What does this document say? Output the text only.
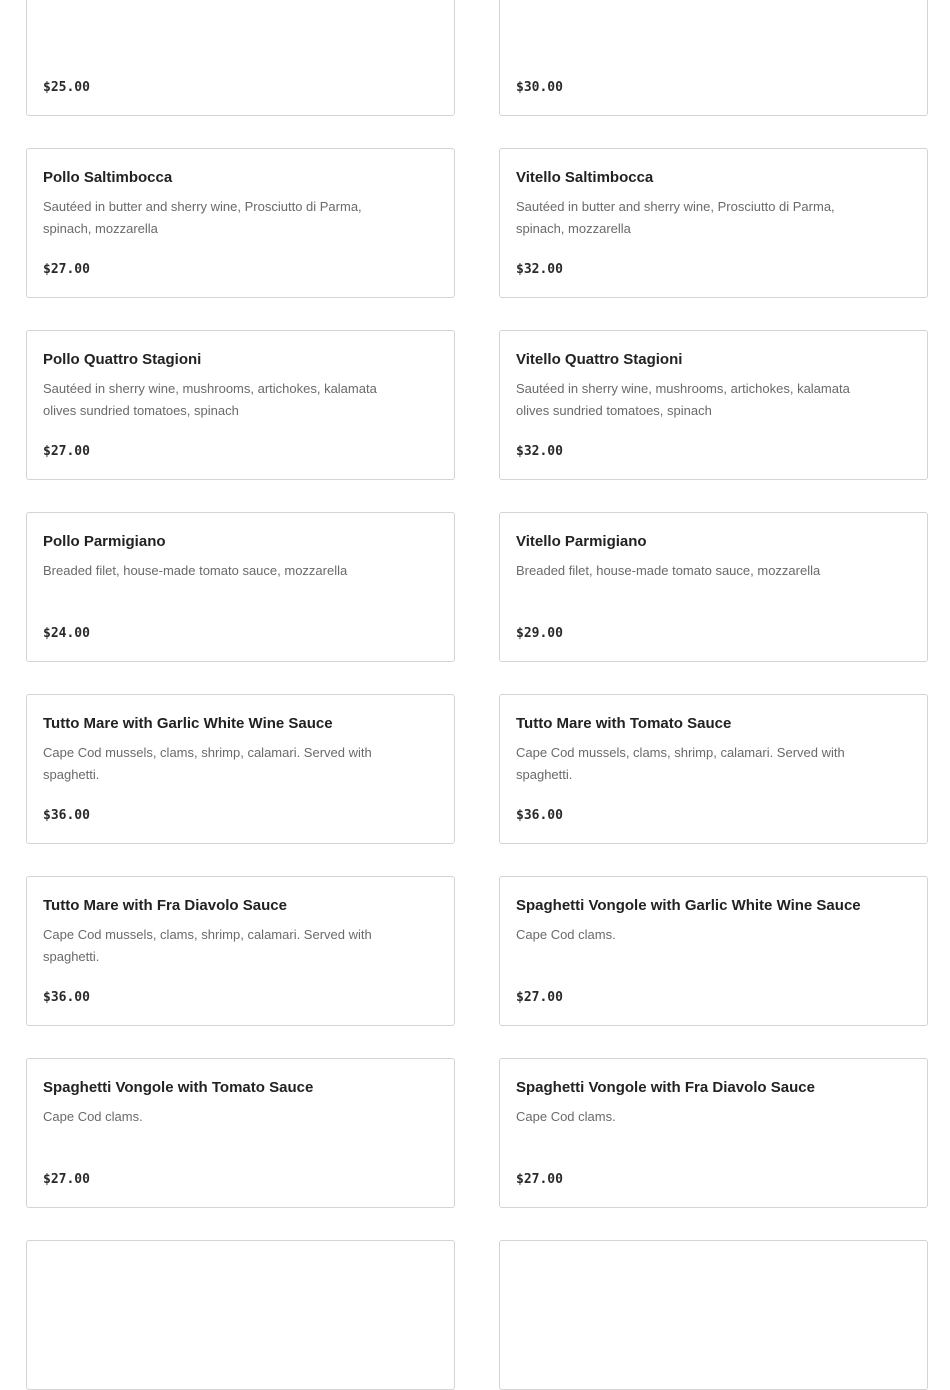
$25.00	$30.00
Pollo Saltimbocca
Sautéed in butter and sherry wine, Prosciutto di Parma, spinach, mozzarella
$27.00
Vitello Saltimbocca
Sautéed in butter and sherry wine, Prosciutto di Parma, spinach, mozzarella
$32.00
Pollo Quattro Stagioni
Sautéed in sherry wine, mushrooms, artichokes, kalamata olives sundried tomatoes, spinach
$27.00
Vitello Quattro Stagioni
Sautéed in sherry wine, mushrooms, artichokes, kalamata olives sundried tomatoes, spinach
$32.00
Pollo Parmigiano
Breaded filet, house-made tomato sauce, mozzarella
$24.00
Vitello Parmigiano
Breaded filet, house-made tomato sauce, mozzarella
$29.00
Tutto Mare with Garlic White Wine Sauce
Cape Cod mussels, clams, shrimp, calamari. Served with spaghetti.
$36.00
Tutto Mare with Tomato Sauce
Cape Cod mussels, clams, shrimp, calamari. Served with spaghetti.
$36.00
Tutto Mare with Fra Diavolo Sauce
Cape Cod mussels, clams, shrimp, calamari. Served with spaghetti.
$36.00
Spaghetti Vongole with Garlic White Wine Sauce
Cape Cod clams.
$27.00
Spaghetti Vongole with Tomato Sauce
Cape Cod clams.
$27.00
Spaghetti Vongole with Fra Diavolo Sauce
Cape Cod clams.
$27.00
